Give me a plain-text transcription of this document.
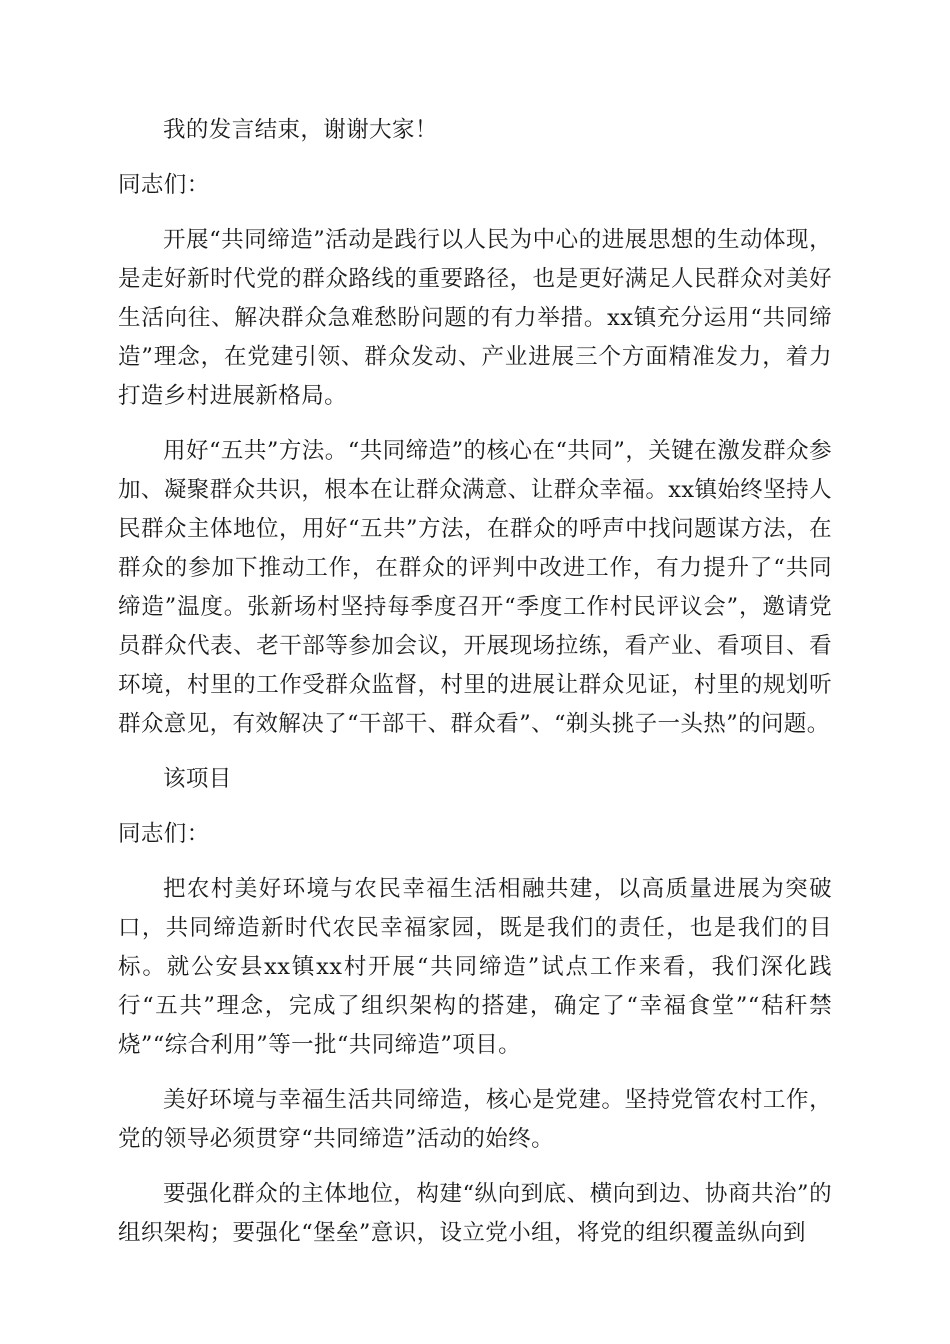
我的发言结束，谢谢大家！

同志们：

开展“共同缔造”活动是践行以人民为中心的进展思想的生动体现，是走好新时代党的群众路线的重要路径，也是更好满足人民群众对美好生活向往、解决群众急难愁盼问题的有力举措。xx镇充分运用“共同缔造”理念，在党建引领、群众发动、产业进展三个方面精准发力，着力打造乡村进展新格局。

用好“五共”方法。“共同缔造”的核心在“共同”，关键在激发群众参加、凝聚群众共识，根本在让群众满意、让群众幸福。xx镇始终坚持人民群众主体地位，用好“五共”方法，在群众的呼声中找问题谋方法，在群众的参加下推动工作，在群众的评判中改进工作，有力提升了“共同缔造”温度。张新场村坚持每季度召开“季度工作村民评议会”，邀请党员群众代表、老干部等参加会议，开展现场拉练，看产业、看项目、看环境，村里的工作受群众监督，村里的进展让群众见证，村里的规划听群众意见，有效解决了“干部干、群众看”、“剃头挑子一头热”的问题。

该项目

同志们：

把农村美好环境与农民幸福生活相融共建，以高质量进展为突破口，共同缔造新时代农民幸福家园，既是我们的责任，也是我们的目标。就公安县xx镇xx村开展“共同缔造”试点工作来看，我们深化践行“五共”理念，完成了组织架构的搭建，确定了“幸福食堂”“秸秆禁烧”“综合利用”等一批“共同缔造”项目。

美好环境与幸福生活共同缔造，核心是党建。坚持党管农村工作，党的领导必须贯穿“共同缔造”活动的始终。

要强化群众的主体地位，构建“纵向到底、横向到边、协商共治”的组织架构；要强化“堡垒”意识，设立党小组，将党的组织覆盖纵向到
